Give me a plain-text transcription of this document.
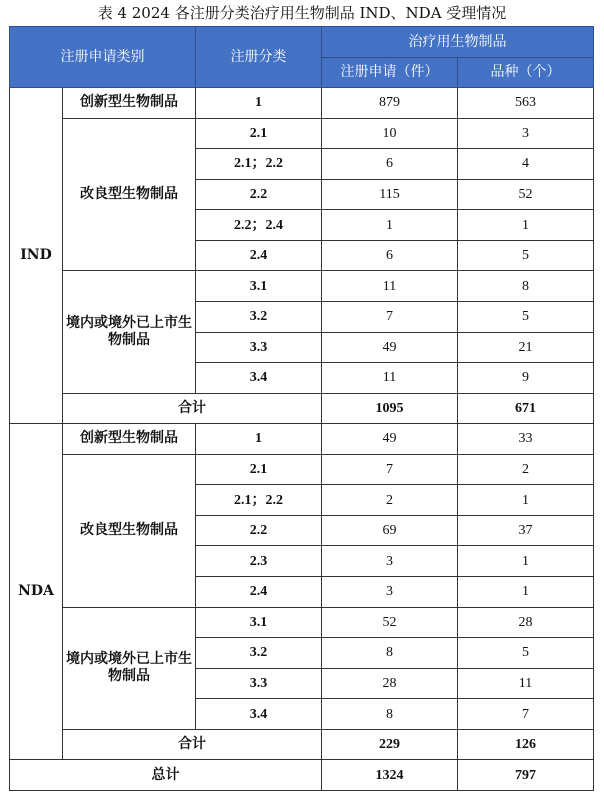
表 4 2024 各注册分类治疗用生物制品 IND、NDA 受理情况
注册申请类别		注册分类	治疗用生物制品	
			注册申请（件）	品种（个）
IND	创新型生物制品	1	879	563
	改良型生物制品	2.1	10	3
		2.1；2.2	6	4
		2.2	115	52
		2.2；2.4	1	1
		2.4	6	5
	境内或境外已上市生物制品	3.1	11	8
		3.2	7	5
		3.3	49	21
		3.4	11	9
	合计		1095	671
NDA	创新型生物制品	1	49	33
	改良型生物制品	2.1	7	2
		2.1；2.2	2	1
		2.2	69	37
		2.3	3	1
		2.4	3	1
	境内或境外已上市生物制品	3.1	52	28
		3.2	8	5
		3.3	28	11
		3.4	8	7
	合计		229	126
总计			1324	797
